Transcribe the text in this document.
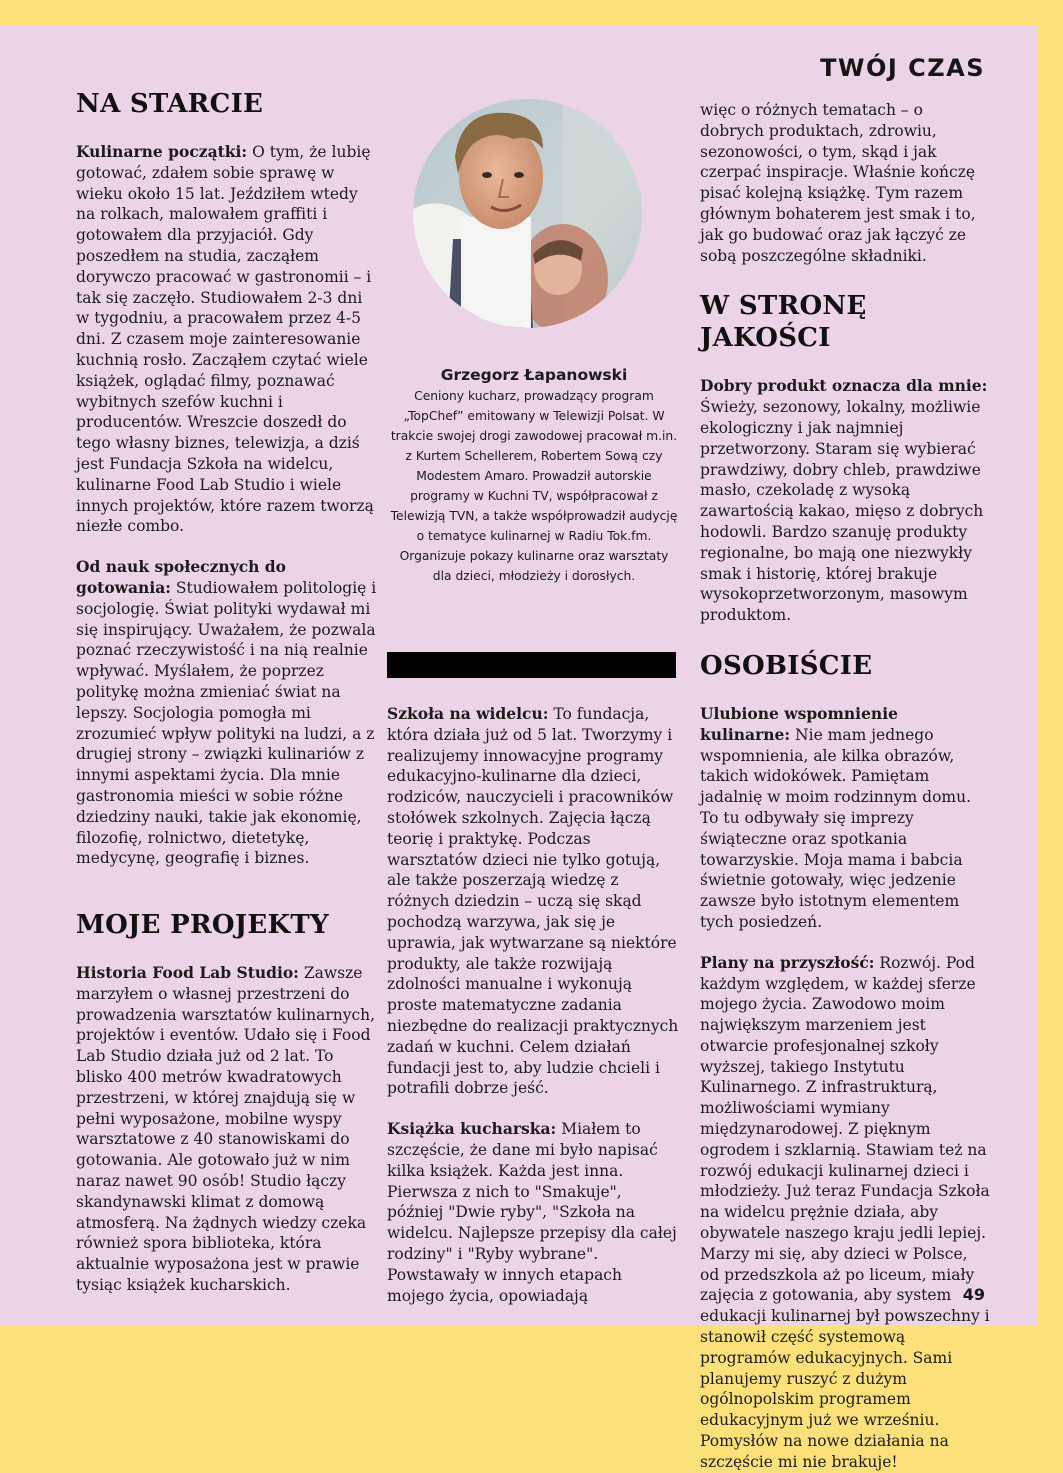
TWÓJ CZAS
NA STARCIE

Kulinarne początki: O tym, że lubię gotować, zdałem sobie sprawę w wieku około 15 lat. Jeździłem wtedy na rolkach, malowałem graffiti i gotowałem dla przyjaciół. Gdy poszedłem na studia, zacząłem dorywczo pracować w gastronomii – i tak się zaczęło. Studiowałem 2-3 dni w tygodniu, a pracowałem przez 4-5 dni. Z czasem moje zainteresowanie kuchnią rosło. Zacząłem czytać wiele książek, oglądać filmy, poznawać wybitnych szefów kuchni i producentów. Wreszcie doszedł do tego własny biznes, telewizja, a dziś jest Fundacja Szkoła na widelcu, kulinarne Food Lab Studio i wiele innych projektów, które razem tworzą niezłe combo.

Od nauk społecznych do gotowania: Studiowałem politologię i socjologię. Świat polityki wydawał mi się inspirujący. Uważałem, że pozwala poznać rzeczywistość i na nią realnie wpływać. Myślałem, że poprzez politykę można zmieniać świat na lepszy. Socjologia pomogła mi zrozumieć wpływ polityki na ludzi, a z drugiej strony – związki kulinariów z innymi aspektami życia. Dla mnie gastronomia mieści w sobie różne dziedziny nauki, takie jak ekonomię, filozofię, rolnictwo, dietetykę, medycynę, geografię i biznes.

MOJE PROJEKTY

Historia Food Lab Studio: Zawsze marzyłem o własnej przestrzeni do prowadzenia warsztatów kulinarnych, projektów i eventów. Udało się i Food Lab Studio działa już od 2 lat. To blisko 400 metrów kwadratowych przestrzeni, w której znajdują się w pełni wyposażone, mobilne wyspy warsztatowe z 40 stanowiskami do gotowania. Ale gotowało już w nim naraz nawet 90 osób! Studio łączy skandynawski klimat z domową atmosferą. Na żądnych wiedzy czeka również spora biblioteka, która aktualnie wyposażona jest w prawie tysiąc książek kucharskich.

Grzegorz Łapanowski
Ceniony kucharz, prowadzący program „TopChef” emitowany w Telewizji Polsat. W trakcie swojej drogi zawodowej pracował m.in. z Kurtem Schellerem, Robertem Sową czy Modestem Amaro. Prowadził autorskie programy w Kuchni TV, współpracował z Telewizją TVN, a także współprowadził audycję o tematyce kulinarnej w Radiu Tok.fm. Organizuje pokazy kulinarne oraz warsztaty dla dzieci, młodzieży i dorosłych.

Szkoła na widelcu: To fundacja, która działa już od 5 lat. Tworzymy i realizujemy innowacyjne programy edukacyjno-kulinarne dla dzieci, rodziców, nauczycieli i pracowników stołówek szkolnych. Zajęcia łączą teorię i praktykę. Podczas warsztatów dzieci nie tylko gotują, ale także poszerzają wiedzę z różnych dziedzin – uczą się skąd pochodzą warzywa, jak się je uprawia, jak wytwarzane są niektóre produkty, ale także rozwijają zdolności manualne i wykonują proste matematyczne zadania niezbędne do realizacji praktycznych zadań w kuchni. Celem działań fundacji jest to, aby ludzie chcieli i potrafili dobrze jeść.

Książka kucharska: Miałem to szczęście, że dane mi było napisać kilka książek. Każda jest inna. Pierwsza z nich to "Smakuje", później "Dwie ryby", "Szkoła na widelcu. Najlepsze przepisy dla całej rodziny" i "Ryby wybrane". Powstawały w innych etapach mojego życia, opowiadają

więc o różnych tematach – o dobrych produktach, zdrowiu, sezonowości, o tym, skąd i jak czerpać inspiracje. Właśnie kończę pisać kolejną książkę. Tym razem głównym bohaterem jest smak i to, jak go budować oraz jak łączyć ze sobą poszczególne składniki.

W STRONĘ JAKOŚCI

Dobry produkt oznacza dla mnie: Świeży, sezonowy, lokalny, możliwie ekologiczny i jak najmniej przetworzony. Staram się wybierać prawdziwy, dobry chleb, prawdziwe masło, czekoladę z wysoką zawartością kakao, mięso z dobrych hodowli. Bardzo szanuję produkty regionalne, bo mają one niezwykły smak i historię, której brakuje wysokoprzetworzonym, masowym produktom.

OSOBIŚCIE

Ulubione wspomnienie kulinarne: Nie mam jednego wspomnienia, ale kilka obrazów, takich widokówek. Pamiętam jadalnię w moim rodzinnym domu. To tu odbywały się imprezy świąteczne oraz spotkania towarzyskie. Moja mama i babcia świetnie gotowały, więc jedzenie zawsze było istotnym elementem tych posiedzeń.

Plany na przyszłość: Rozwój. Pod każdym względem, w każdej sferze mojego życia. Zawodowo moim największym marzeniem jest otwarcie profesjonalnej szkoły wyższej, takiego Instytutu Kulinarnego. Z infrastrukturą, możliwościami wymiany międzynarodowej. Z pięknym ogrodem i szklarnią. Stawiam też na rozwój edukacji kulinarnej dzieci i młodzieży. Już teraz Fundacja Szkoła na widelcu prężnie działa, aby obywatele naszego kraju jedli lepiej. Marzy mi się, aby dzieci w Polsce, od przedszkola aż po liceum, miały zajęcia z gotowania, aby system edukacji kulinarnej był powszechny i stanowił część systemową programów edukacyjnych. Sami planujemy ruszyć z dużym ogólnopolskim programem edukacyjnym już we wrześniu. Pomysłów na nowe działania na szczęście mi nie brakuje!

49
